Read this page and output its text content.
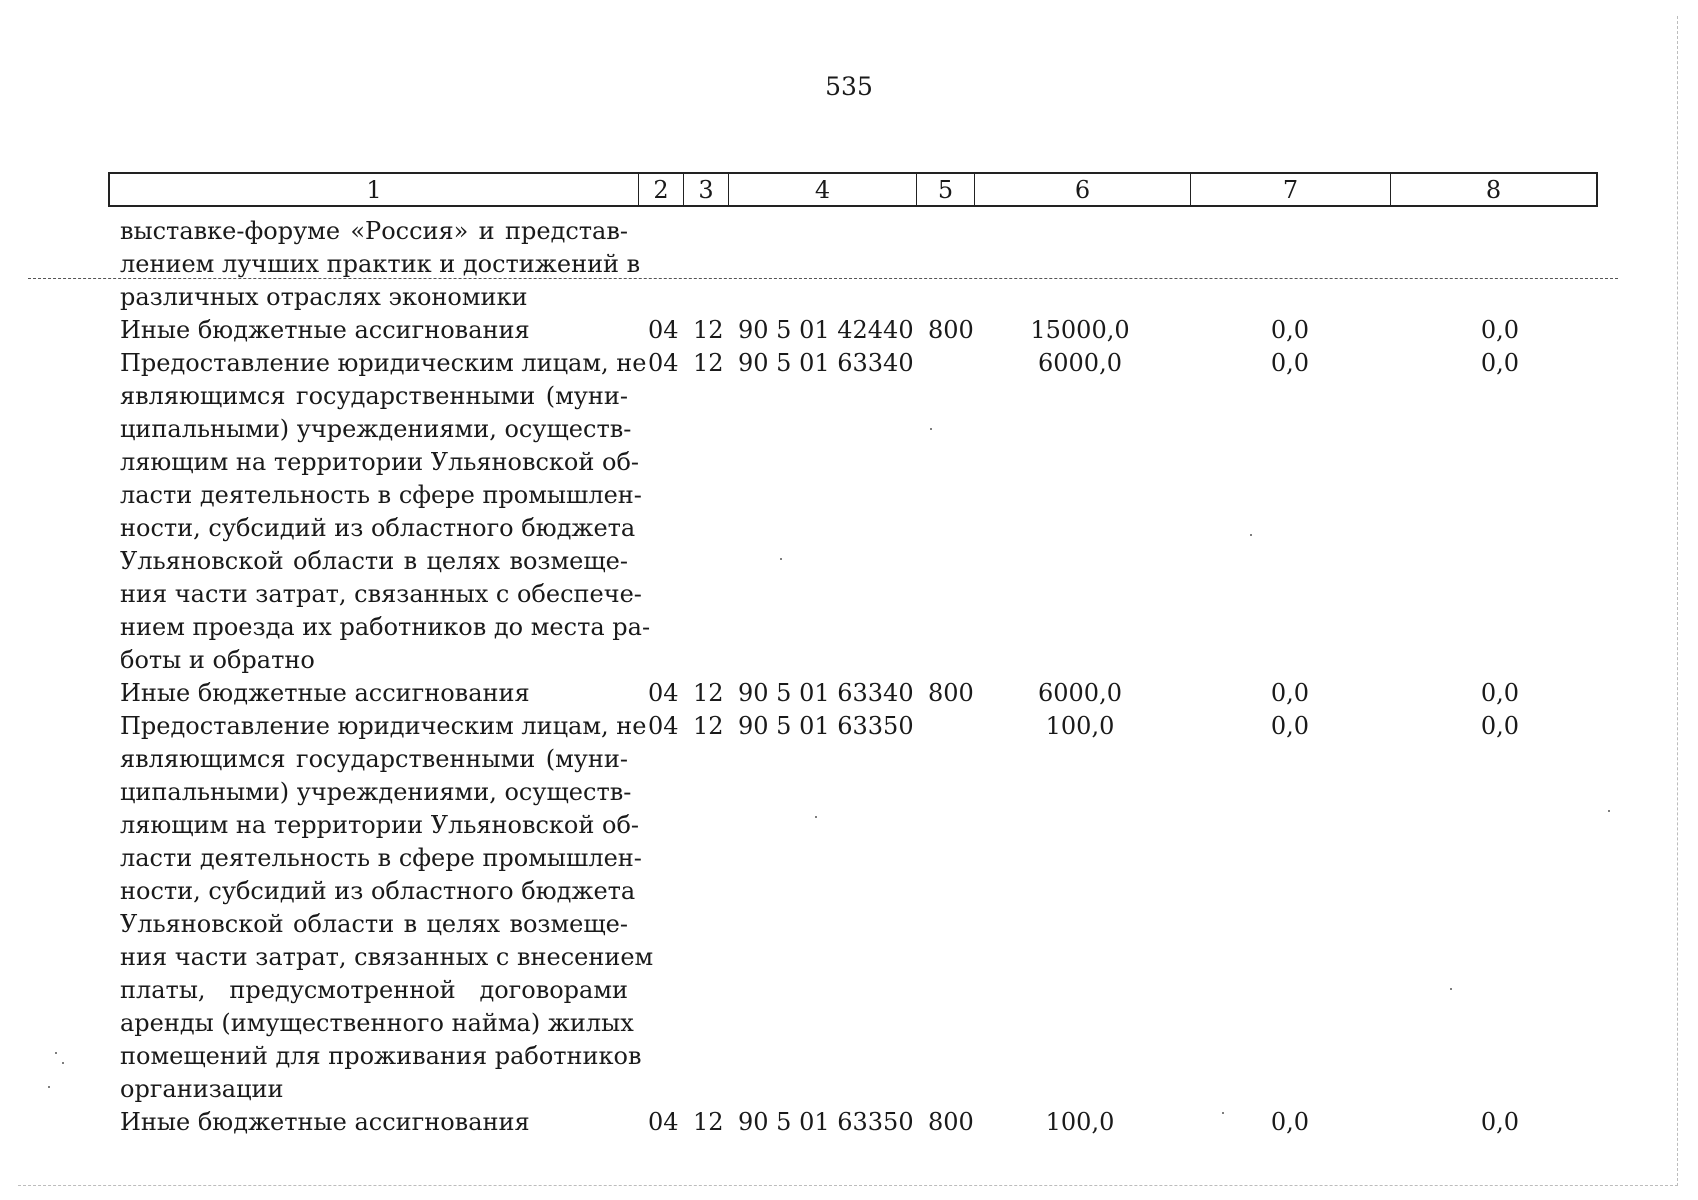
535
1	2	3	4	5	6	7	8
выставке-форуме «Россия» и представ-
лением лучших практик и достижений в
различных отраслях экономики
Иные бюджетные ассигнования	04 12 90 5 01 42440 800	15000,0	0,0	0,0
Предоставление юридическим лицам, не
являющимся государственными (муни-
ципальными) учреждениями, осуществ-
ляющим на территории Ульяновской об-
ласти деятельность в сфере промышлен-
ности, субсидий из областного бюджета
Ульяновской области в целях возмеще-
ния части затрат, связанных с обеспече-
нием проезда их работников до места ра-
боты и обратно
04 12 90 5 01 63340	6000,0	0,0	0,0
Иные бюджетные ассигнования	04 12 90 5 01 63340 800	6000,0	0,0	0,0
Предоставление юридическим лицам, не
являющимся государственными (муни-
ципальными) учреждениями, осуществ-
ляющим на территории Ульяновской об-
ласти деятельность в сфере промышлен-
ности, субсидий из областного бюджета
Ульяновской области в целях возмеще-
ния части затрат, связанных с внесением
платы, предусмотренной договорами
аренды (имущественного найма) жилых
помещений для проживания работников
организации
04 12 90 5 01 63350	100,0	0,0	0,0
Иные бюджетные ассигнования	04 12 90 5 01 63350 800	100,0	0,0	0,0
